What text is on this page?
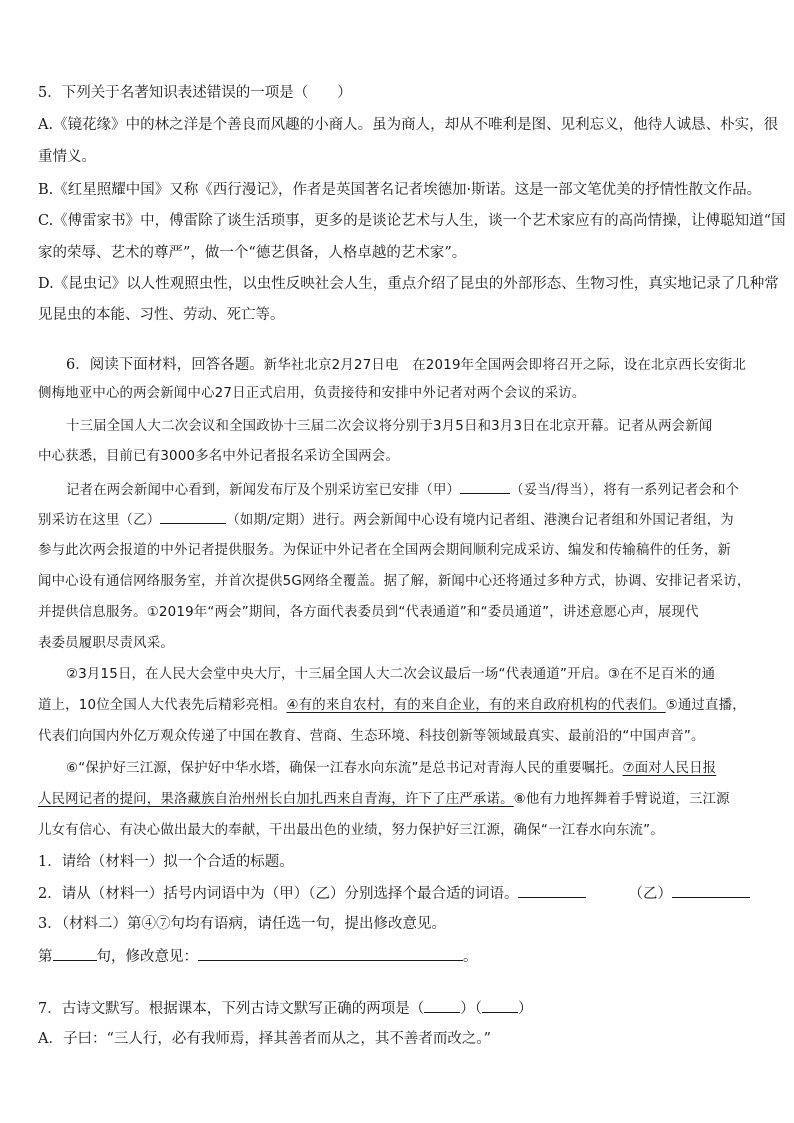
5．下列关于名著知识表述错误的一项是（　　）
A.《镜花缘》中的林之洋是个善良而风趣的小商人。虽为商人，却从不唯利是图、见利忘义，他待人诚恳、朴实，很
重情义。
B.《红星照耀中国》又称《西行漫记》，作者是英国著名记者埃德加·斯诺。这是一部文笔优美的抒情性散文作品。
C.《傅雷家书》中，傅雷除了谈生活琐事，更多的是谈论艺术与人生，谈一个艺术家应有的高尚情操，让傅聪知道“国
家的荣辱、艺术的尊严”，做一个“德艺俱备，人格卓越的艺术家”。
D.《昆虫记》以人性观照虫性，以虫性反映社会人生，重点介绍了昆虫的外部形态、生物习性，真实地记录了几种常
见昆虫的本能、习性、劳动、死亡等。
6．阅读下面材料，回答各题。新华社北京2月27日电　在2019年全国两会即将召开之际，设在北京西长安街北
侧梅地亚中心的两会新闻中心27日正式启用，负责接待和安排中外记者对两个会议的采访。
十三届全国人大二次会议和全国政协十三届二次会议将分别于3月5日和3月3日在北京开幕。记者从两会新闻
中心获悉，目前已有3000多名中外记者报名采访全国两会。
记者在两会新闻中心看到，新闻发布厅及个别采访室已安排（甲）	（妥当/得当），将有一系列记者会和个
别采访在这里（乙）	（如期/定期）进行。两会新闻中心设有境内记者组、港澳台记者组和外国记者组，为
参与此次两会报道的中外记者提供服务。为保证中外记者在全国两会期间顺利完成采访、编发和传输稿件的任务，新
闻中心设有通信网络服务室，并首次提供5G网络全覆盖。据了解，新闻中心还将通过多种方式，协调、安排记者采访，
并提供信息服务。①2019年“两会”期间，各方面代表委员到“代表通道”和“委员通道”，讲述意愿心声，展现代
表委员履职尽责风采。
②3月15日，在人民大会堂中央大厅，十三届全国人大二次会议最后一场“代表通道”开启。③在不足百米的通
道上，10位全国人大代表先后精彩亮相。④有的来自农村，有的来自企业，有的来自政府机构的代表们。⑤通过直播，
代表们向国内外亿万观众传递了中国在教育、营商、生态环境、科技创新等领域最真实、最前沿的“中国声音”。
⑥“保护好三江源，保护好中华水塔，确保一江春水向东流”是总书记对青海人民的重要嘱托。⑦面对人民日报
人民网记者的提问，果洛藏族自治州州长白加扎西来自青海，许下了庄严承诺。⑧他有力地挥舞着手臂说道，三江源
儿女有信心、有决心做出最大的奉献，干出最出色的业绩，努力保护好三江源，确保“一江春水向东流”。
1．请给（材料一）拟一个合适的标题。
2．请从（材料一）括号内词语中为（甲）（乙）分别选择个最合适的词语。	（乙）
3．（材料二）第④⑦句均有语病，请任选一句，提出修改意见。
第	句，修改意见：	。
7．古诗文默写。根据课本，下列古诗文默写正确的两项是（ ）（ ）
A．子曰：“三人行，必有我师焉，择其善者而从之，其不善者而改之。”
